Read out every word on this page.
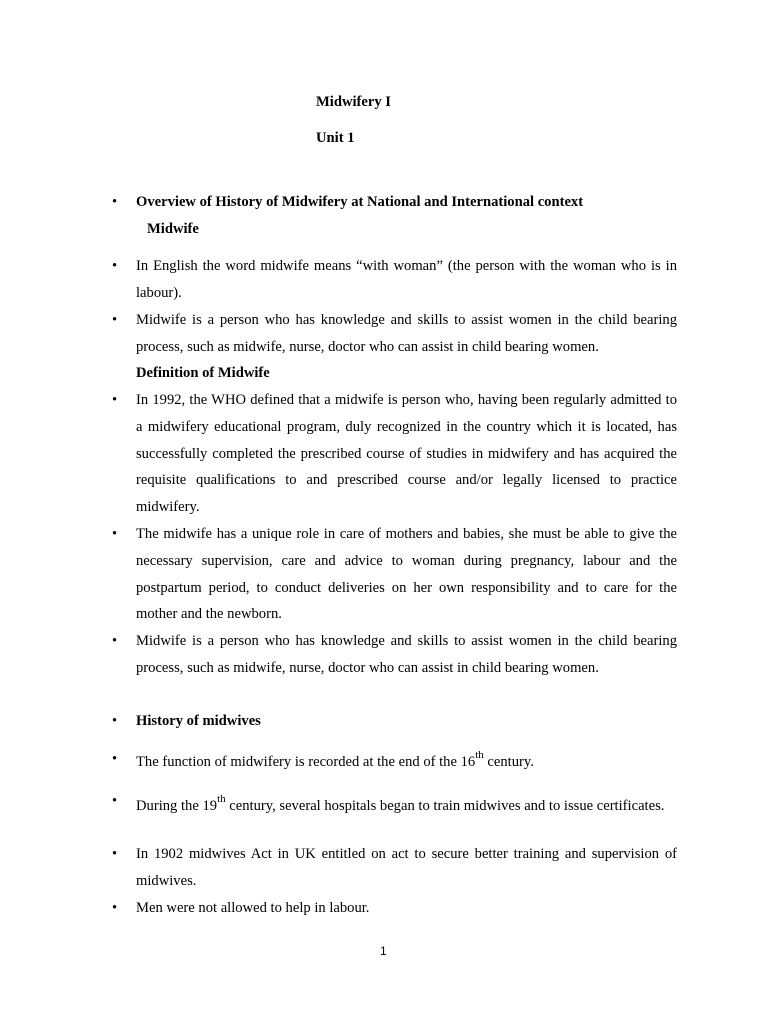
Midwifery I
Unit 1
• Overview of History of Midwifery at National and International context
Midwife
• In English the word midwife means “with woman” (the person with the woman who is in labour).
• Midwife is a person who has knowledge and skills to assist women in the child bearing process, such as midwife, nurse, doctor who can assist in child bearing women.
Definition of Midwife
• In 1992, the WHO defined that a midwife is person who, having been regularly admitted to a midwifery educational program, duly recognized in the country which it is located, has successfully completed the prescribed course of studies in midwifery and has acquired the requisite qualifications to and prescribed course and/or legally licensed to practice midwifery.
• The midwife has a unique role in care of mothers and babies, she must be able to give the necessary supervision, care and advice to woman during pregnancy, labour and the postpartum period, to conduct deliveries on her own responsibility and to care for the mother and the newborn.
• Midwife is a person who has knowledge and skills to assist women in the child bearing process, such as midwife, nurse, doctor who can assist in child bearing women.
• History of midwives
• The function of midwifery is recorded at the end of the 16th century.
• During the 19th century, several hospitals began to train midwives and to issue certificates.
• In 1902 midwives Act in UK entitled on act to secure better training and supervision of midwives.
• Men were not allowed to help in labour.
1
